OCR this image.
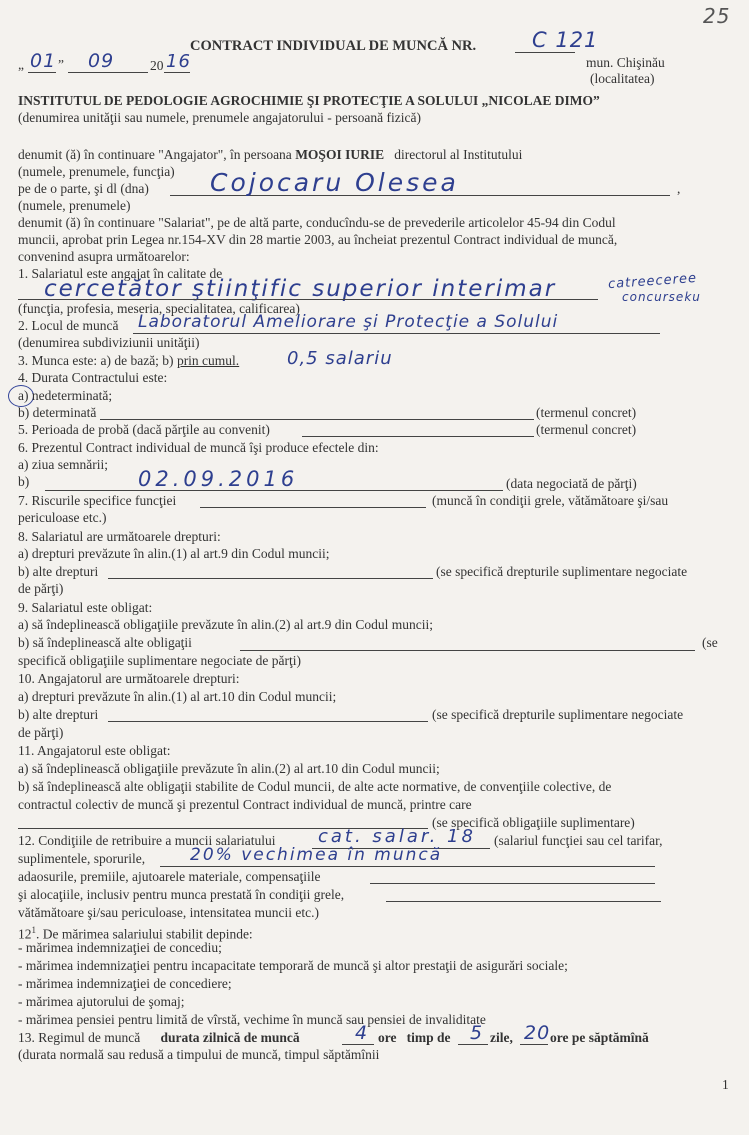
25
CONTRACT INDIVIDUAL DE MUNCĂ NR.	C 121
„ 01 ” 09	20 16	mun. Chişinău
(localitatea)
INSTITUTUL DE PEDOLOGIE AGROCHIMIE ŞI PROTECŢIE A SOLULUI „NICOLAE DIMO”
(denumirea unităţii sau numele, prenumele angajatorului - persoană fizică)
denumit (ă) în continuare "Angajator", în persoana MOŞOI IURIE directorul al Institutului
(numele, prenumele, funcţia)
pe de o parte, şi dl (dna) Cojocaru Olesea	,
(numele, prenumele)
denumit (ă) în continuare "Salariat", pe de altă parte, conducîndu-se de prevederile articolelor 45-94 din Codul
muncii, aprobat prin Legea nr.154-XV din 28 martie 2003, au încheiat prezentul Contract individual de muncă,
convenind asupra următoarelor:
1. Salariatul este angajat în calitate de
cercetător ştiinţific superior interimar	catreeceree
concurseku
(funcţia, profesia, meseria, specialitatea, calificarea)
2. Locul de muncă Laboratorul Ameliorare şi Protecţie a Solului
(denumirea subdiviziunii unităţii)
3. Munca este: a) de bază; b) prin cumul.	0,5 salariu
4. Durata Contractului este:
a) nedeterminată;
b) determinată	(termenul concret)
5. Perioada de probă (dacă părţile au convenit)	(termenul concret)
6. Prezentul Contract individual de muncă îşi produce efectele din:
a) ziua semnării;
b)	02.09.2016	(data negociată de părţi)
7. Riscurile specifice funcţiei	(muncă în condiţii grele, vătămătoare şi/sau
periculoase etc.)
8. Salariatul are următoarele drepturi:
a) drepturi prevăzute în alin.(1) al art.9 din Codul muncii;
b) alte drepturi	(se specifică drepturile suplimentare negociate
de părţi)
9. Salariatul este obligat:
a) să îndeplinească obligaţiile prevăzute în alin.(2) al art.9 din Codul muncii;
b) să îndeplinească alte obligaţii	(se
specifică obligaţiile suplimentare negociate de părţi)
10. Angajatorul are următoarele drepturi:
a) drepturi prevăzute în alin.(1) al art.10 din Codul muncii;
b) alte drepturi	(se specifică drepturile suplimentare negociate
de părţi)
11. Angajatorul este obligat:
a) să îndeplinească obligaţiile prevăzute în alin.(2) al art.10 din Codul muncii;
b) să îndeplinească alte obligaţii stabilite de Codul muncii, de alte acte normative, de convenţiile colective, de
contractul colectiv de muncă şi prezentul Contract individual de muncă, printre care
(se specifică obligaţiile suplimentare)
12. Condiţiile de retribuire a muncii salariatului cat. salar. 18 (salariul funcţiei sau cel tarifar,
suplimentele, sporurile,	20% vechimea în muncă
adaosurile, premiile, ajutoarele materiale, compensaţiile
şi alocaţiile, inclusiv pentru munca prestată în condiţii grele,
vătămătoare şi/sau periculoase, intensitatea muncii etc.)
$12^1$. De mărimea salariului stabilit depinde:
- mărimea indemnizaţiei de concediu;
- mărimea indemnizaţiei pentru incapacitate temporară de muncă şi altor prestaţii de asigurări sociale;
- mărimea indemnizaţiei de concediere;
- mărimea ajutorului de şomaj;
- mărimea pensiei pentru limită de vîrstă, vechime în muncă sau pensiei de invaliditate
13. Regimul de muncă durata zilnică de muncă	4 ore timp de 5 zile, 20 ore pe săptămînă
(durata normală sau redusă a timpului de muncă, timpul săptămînii
1
